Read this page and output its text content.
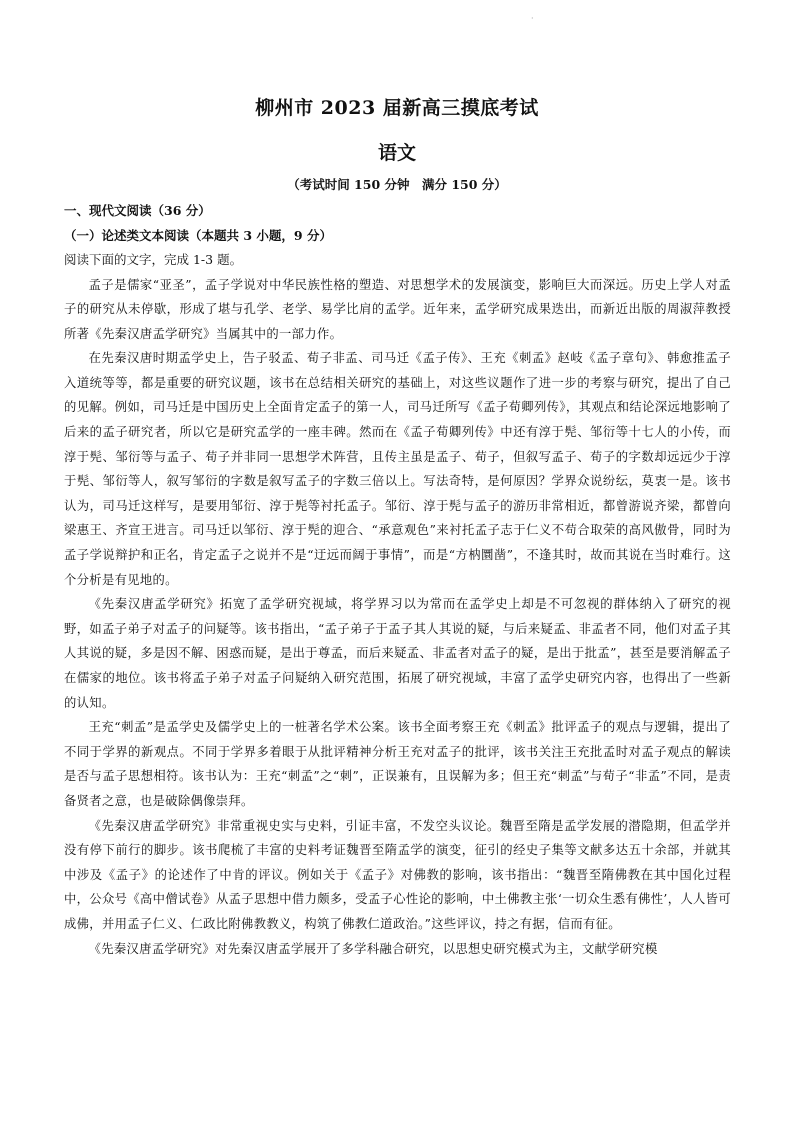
·
柳州市 2023 届新高三摸底考试
语文
（考试时间 150 分钟　满分 150 分）
一、现代文阅读（36 分）
（一）论述类文本阅读（本题共 3 小题，9 分）
阅读下面的文字，完成 1-3 题。

孟子是儒家“亚圣”，孟子学说对中华民族性格的塑造、对思想学术的发展演变，影响巨大而深远。历史上学人对孟子的研究从未停歇，形成了堪与孔学、老学、易学比肩的孟学。近年来，孟学研究成果迭出，而新近出版的周淑萍教授所著《先秦汉唐孟学研究》当属其中的一部力作。

在先秦汉唐时期孟学史上，告子驳孟、荀子非孟、司马迁《孟子传》、王充《刺孟》赵岐《孟子章句》、韩愈推孟子入道统等等，都是重要的研究议题，该书在总结相关研究的基础上，对这些议题作了进一步的考察与研究，提出了自己的见解。例如，司马迁是中国历史上全面肯定孟子的第一人，司马迁所写《孟子荀卿列传》，其观点和结论深远地影响了后来的孟子研究者，所以它是研究孟学的一座丰碑。然而在《孟子荀卿列传》中还有淳于髡、邹衍等十七人的小传，而淳于髡、邹衍等与孟子、荀子并非同一思想学术阵营，且传主虽是孟子、荀子，但叙写孟子、荀子的字数却远远少于淳于髡、邹衍等人，叙写邹衍的字数是叙写孟子的字数三倍以上。写法奇特，是何原因？学界众说纷纭，莫衷一是。该书认为，司马迁这样写，是要用邹衍、淳于髡等衬托孟子。邹衍、淳于髡与孟子的游历非常相近，都曾游说齐梁，都曾向梁惠王、齐宣王进言。司马迁以邹衍、淳于髡的迎合、“承意观色”来衬托孟子志于仁义不苟合取荣的高风傲骨，同时为孟子学说辩护和正名，肯定孟子之说并不是“迂远而阔于事情”，而是“方枘圜凿”，不逢其时，故而其说在当时难行。这个分析是有见地的。

《先秦汉唐孟学研究》拓宽了孟学研究视域，将学界习以为常而在孟学史上却是不可忽视的群体纳入了研究的视野，如孟子弟子对孟子的问疑等。该书指出，“孟子弟子于孟子其人其说的疑，与后来疑孟、非孟者不同，他们对孟子其人其说的疑，多是因不解、困惑而疑，是出于尊孟，而后来疑孟、非孟者对孟子的疑，是出于批孟”，甚至是要消解孟子在儒家的地位。该书将孟子弟子对孟子问疑纳入研究范围，拓展了研究视域，丰富了孟学史研究内容，也得出了一些新的认知。

王充“刺孟”是孟学史及儒学史上的一桩著名学术公案。该书全面考察王充《刺孟》批评孟子的观点与逻辑，提出了不同于学界的新观点。不同于学界多着眼于从批评精神分析王充对孟子的批评，该书关注王充批孟时对孟子观点的解读是否与孟子思想相符。该书认为：王充“刺孟”之“刺”，正误兼有，且误解为多；但王充“刺孟”与荀子“非孟”不同，是责备贤者之意，也是破除偶像崇拜。

《先秦汉唐孟学研究》非常重视史实与史料，引证丰富，不发空头议论。魏晋至隋是孟学发展的潜隐期，但孟学并没有停下前行的脚步。该书爬梳了丰富的史料考证魏晋至隋孟学的演变，征引的经史子集等文献多达五十余部，并就其中涉及《孟子》的论述作了中肯的评议。例如关于《孟子》对佛教的影响，该书指出：“魏晋至隋佛教在其中国化过程中，公众号《高中僧试卷》从孟子思想中借力颇多，受孟子心性论的影响，中土佛教主张‘一切众生悉有佛性’，人人皆可成佛，并用孟子仁义、仁政比附佛教教义，构筑了佛教仁道政治。”这些评议，持之有据，信而有征。

《先秦汉唐孟学研究》对先秦汉唐孟学展开了多学科融合研究，以思想史研究模式为主，文献学研究模
